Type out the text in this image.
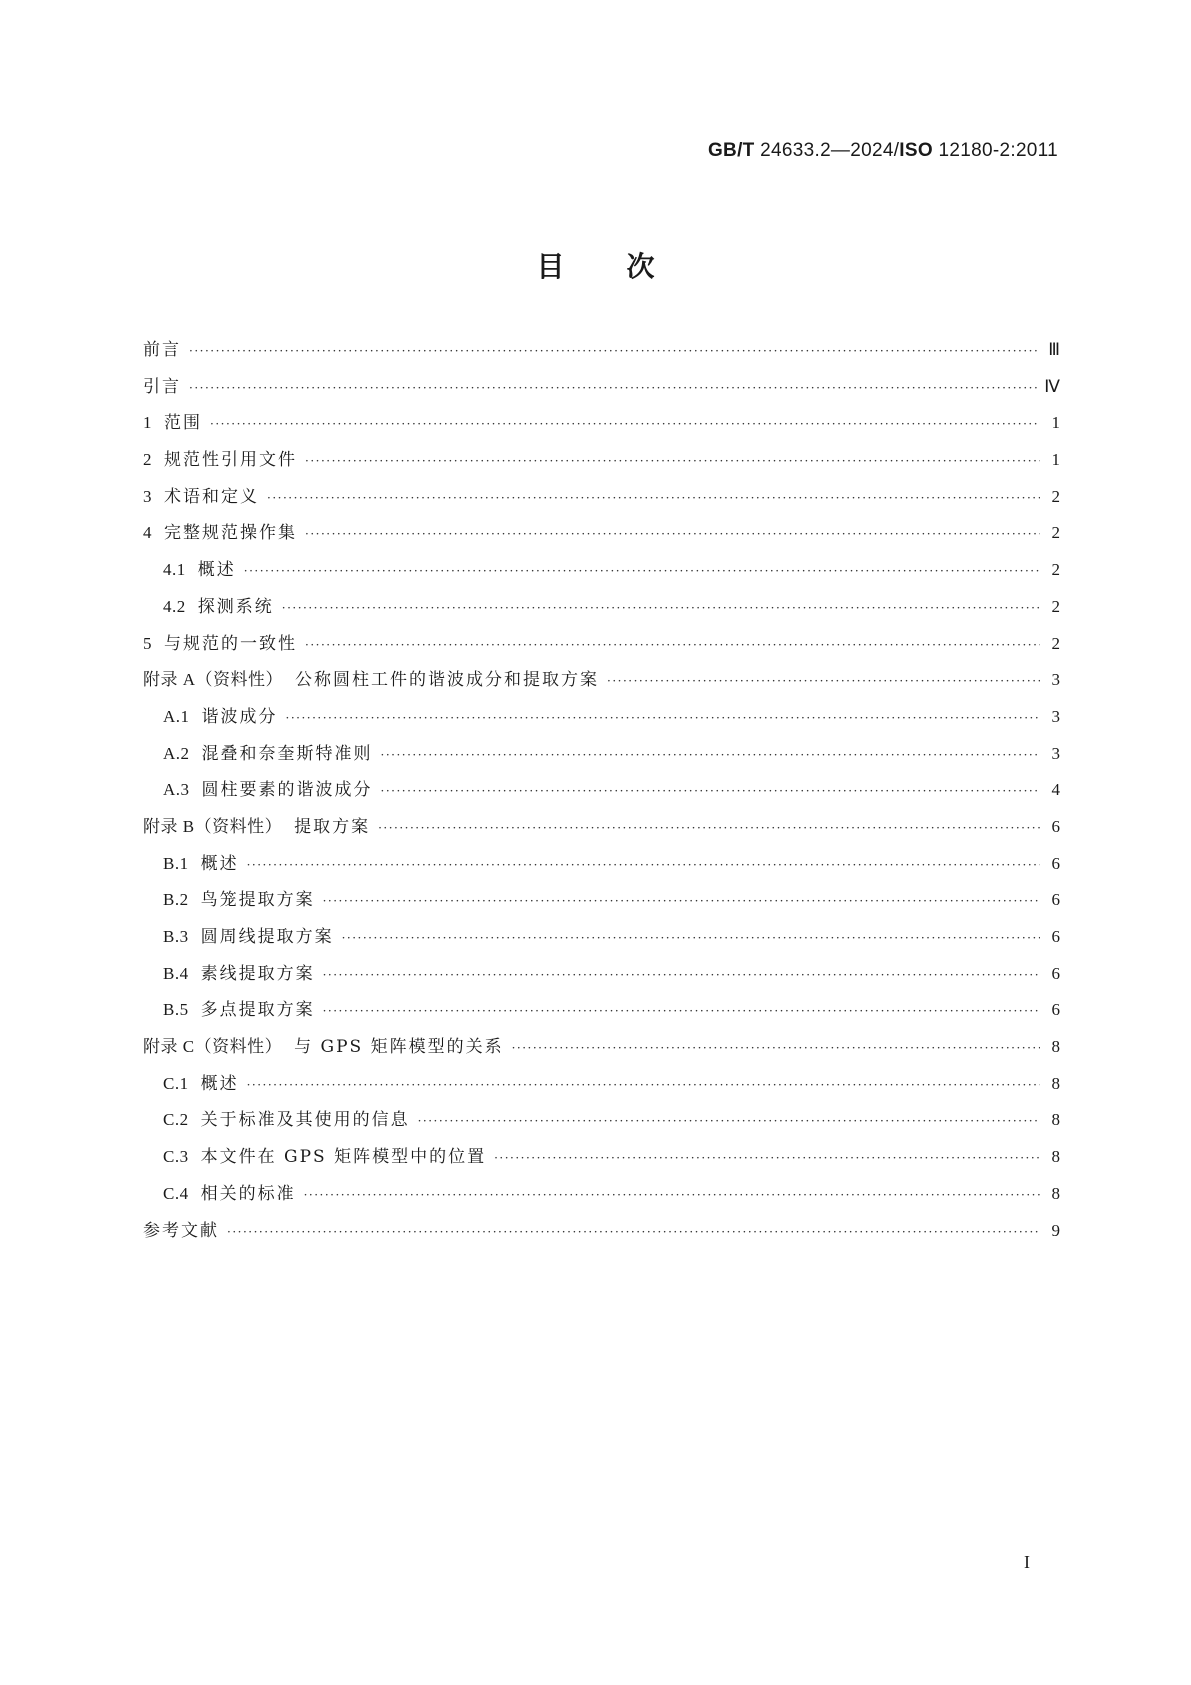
GB/T 24633.2—2024/ISO 12180-2:2011
目次
前言 ·····	Ⅲ
引言 ·····	Ⅳ
1 范围 ·····	1
2 规范性引用文件 ·····	1
3 术语和定义 ·····	2
4 完整规范操作集 ·····	2
4.1 概述 ·····	2
4.2 探测系统 ·····	2
5 与规范的一致性 ·····	2
附录 A（资料性） 公称圆柱工件的谐波成分和提取方案 ·····	3
A.1 谐波成分 ·····	3
A.2 混叠和奈奎斯特准则 ·····	3
A.3 圆柱要素的谐波成分 ·····	4
附录 B（资料性） 提取方案 ·····	6
B.1 概述 ·····	6
B.2 鸟笼提取方案 ·····	6
B.3 圆周线提取方案 ·····	6
B.4 素线提取方案 ·····	6
B.5 多点提取方案 ·····	6
附录 C（资料性） 与 GPS 矩阵模型的关系 ·····	8
C.1 概述 ·····	8
C.2 关于标准及其使用的信息 ·····	8
C.3 本文件在 GPS 矩阵模型中的位置 ·····	8
C.4 相关的标准 ·····	8
参考文献 ·····	9
I
